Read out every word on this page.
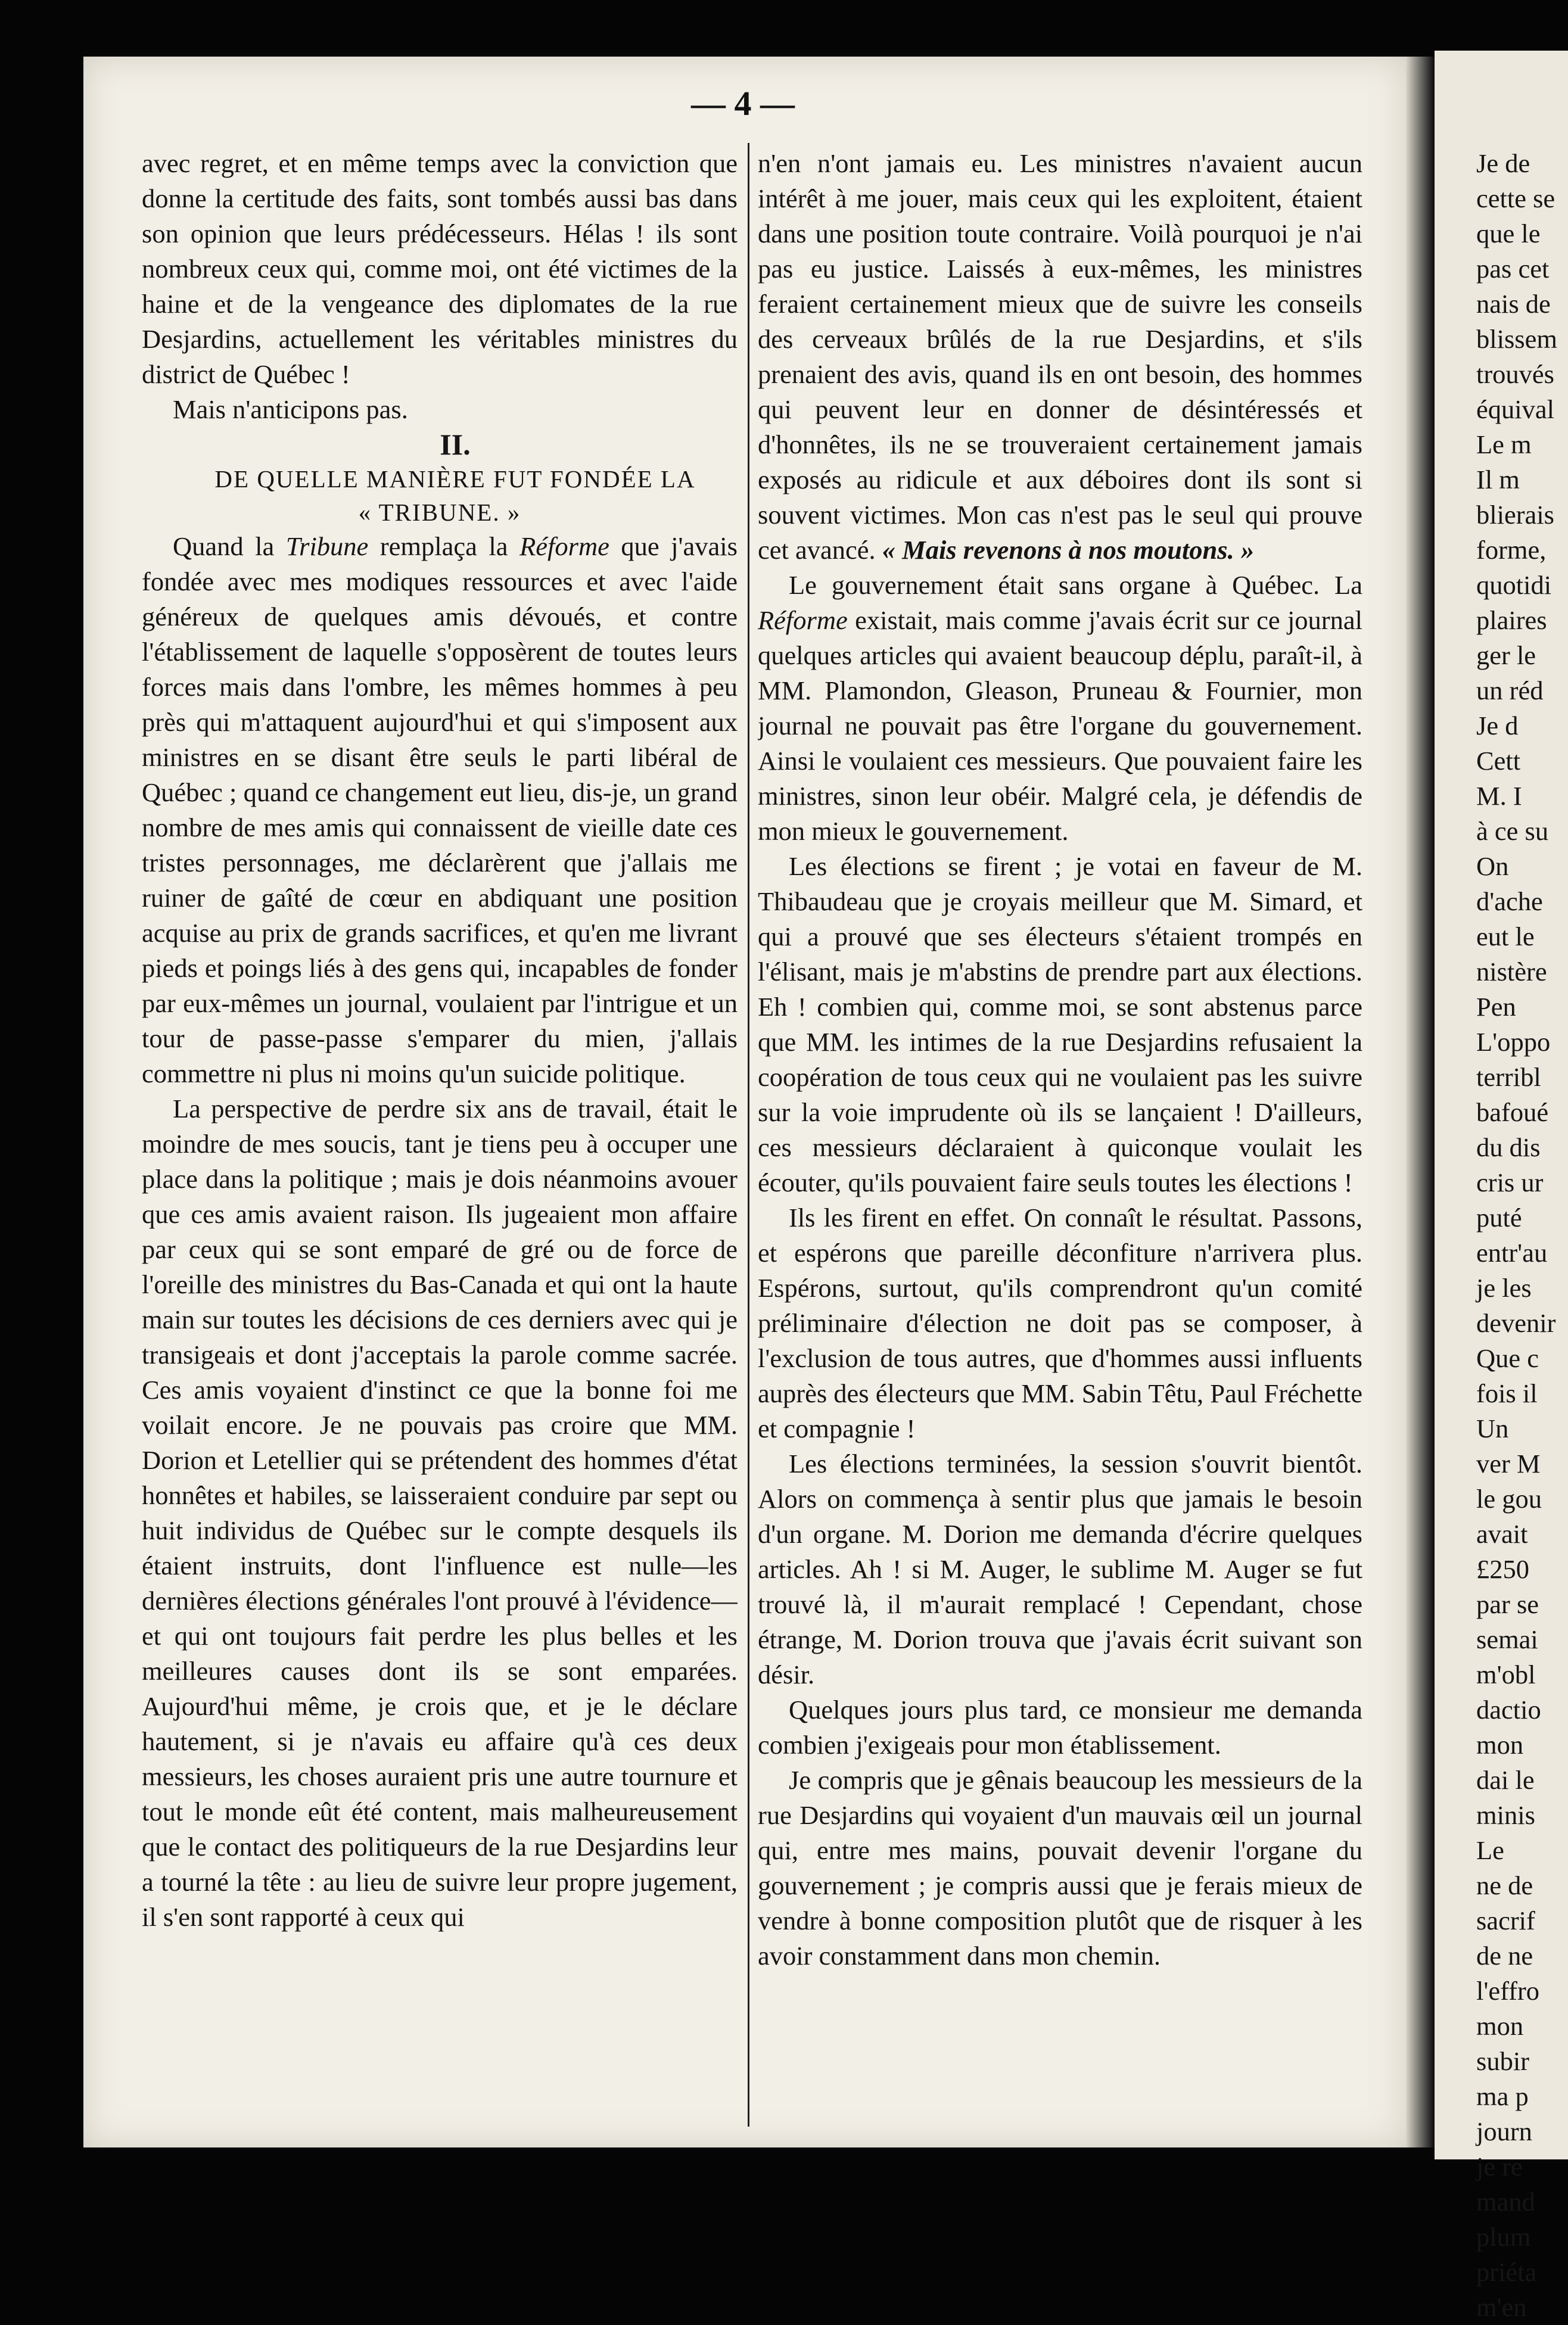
— 4 —

avec regret, et en même temps avec la conviction que donne la certitude des faits, sont tombés aussi bas dans son opinion que leurs prédécesseurs. Hélas ! ils sont nombreux ceux qui, comme moi, ont été victimes de la haine et de la vengeance des diplomates de la rue Desjardins, actuellement les véritables ministres du district de Québec !

Mais n'anticipons pas.

II.

DE QUELLE MANIÈRE FUT FONDÉE LA
« TRIBUNE. »

Quand la Tribune remplaça la Réforme que j'avais fondée avec mes modiques ressources et avec l'aide généreux de quelques amis dévoués, et contre l'établissement de laquelle s'opposèrent de toutes leurs forces mais dans l'ombre, les mêmes hommes à peu près qui m'attaquent aujourd'hui et qui s'imposent aux ministres en se disant être seuls le parti libéral de Québec ; quand ce changement eut lieu, dis-je, un grand nombre de mes amis qui connaissent de vieille date ces tristes personnages, me déclarèrent que j'allais me ruiner de gaîté de cœur en abdiquant une position acquise au prix de grands sacrifices, et qu'en me livrant pieds et poings liés à des gens qui, incapables de fonder par eux-mêmes un journal, voulaient par l'intrigue et un tour de passe-passe s'emparer du mien, j'allais commettre ni plus ni moins qu'un suicide politique.

La perspective de perdre six ans de travail, était le moindre de mes soucis, tant je tiens peu à occuper une place dans la politique ; mais je dois néanmoins avouer que ces amis avaient raison. Ils jugeaient mon affaire par ceux qui se sont emparé de gré ou de force de l'oreille des ministres du Bas-Canada et qui ont la haute main sur toutes les décisions de ces derniers avec qui je transigeais et dont j'acceptais la parole comme sacrée. Ces amis voyaient d'instinct ce que la bonne foi me voilait encore. Je ne pouvais pas croire que MM. Dorion et Letellier qui se prétendent des hommes d'état honnêtes et habiles, se laisseraient conduire par sept ou huit individus de Québec sur le compte desquels ils étaient instruits, dont l'influence est nulle—les dernières élections générales l'ont prouvé à l'évidence—et qui ont toujours fait perdre les plus belles et les meilleures causes dont ils se sont emparées. Aujourd'hui même, je crois que, et je le déclare hautement, si je n'avais eu affaire qu'à ces deux messieurs, les choses auraient pris une autre tournure et tout le monde eût été content, mais malheureusement que le contact des politiqueurs de la rue Desjardins leur a tourné la tête : au lieu de suivre leur propre jugement, il s'en sont rapporté à ceux qui

n'en n'ont jamais eu. Les ministres n'avaient aucun intérêt à me jouer, mais ceux qui les exploitent, étaient dans une position toute contraire. Voilà pourquoi je n'ai pas eu justice. Laissés à eux-mêmes, les ministres feraient certainement mieux que de suivre les conseils des cerveaux brûlés de la rue Desjardins, et s'ils prenaient des avis, quand ils en ont besoin, des hommes qui peuvent leur en donner de désintéressés et d'honnêtes, ils ne se trouveraient certainement jamais exposés au ridicule et aux déboires dont ils sont si souvent victimes. Mon cas n'est pas le seul qui prouve cet avancé. « Mais revenons à nos moutons. »

Le gouvernement était sans organe à Québec. La Réforme existait, mais comme j'avais écrit sur ce journal quelques articles qui avaient beaucoup déplu, paraît-il, à MM. Plamondon, Gleason, Pruneau & Fournier, mon journal ne pouvait pas être l'organe du gouvernement. Ainsi le voulaient ces messieurs. Que pouvaient faire les ministres, sinon leur obéir. Malgré cela, je défendis de mon mieux le gouvernement.

Les élections se firent ; je votai en faveur de M. Thibaudeau que je croyais meilleur que M. Simard, et qui a prouvé que ses électeurs s'étaient trompés en l'élisant, mais je m'abstins de prendre part aux élections. Eh ! combien qui, comme moi, se sont abstenus parce que MM. les intimes de la rue Desjardins refusaient la coopération de tous ceux qui ne voulaient pas les suivre sur la voie imprudente où ils se lançaient ! D'ailleurs, ces messieurs déclaraient à quiconque voulait les écouter, qu'ils pouvaient faire seuls toutes les élections !

Ils les firent en effet. On connaît le résultat. Passons, et espérons que pareille déconfiture n'arrivera plus. Espérons, surtout, qu'ils comprendront qu'un comité préliminaire d'élection ne doit pas se composer, à l'exclusion de tous autres, que d'hommes aussi influents auprès des électeurs que MM. Sabin Têtu, Paul Fréchette et compagnie !

Les élections terminées, la session s'ouvrit bientôt. Alors on commença à sentir plus que jamais le besoin d'un organe. M. Dorion me demanda d'écrire quelques articles. Ah ! si M. Auger, le sublime M. Auger se fut trouvé là, il m'aurait remplacé ! Cependant, chose étrange, M. Dorion trouva que j'avais écrit suivant son désir.

Quelques jours plus tard, ce monsieur me demanda combien j'exigeais pour mon établissement.

Je compris que je gênais beaucoup les messieurs de la rue Desjardins qui voyaient d'un mauvais œil un journal qui, entre mes mains, pouvait devenir l'organe du gouvernement ; je compris aussi que je ferais mieux de vendre à bonne composition plutôt que de risquer à les avoir constamment dans mon chemin.

Je de
cette se
que le
pas cet
nais de
blissem
trouvés
équival
Le m
Il m
blierais
forme,
quotidi
plaires
ger le
un réd
Je d
Cett
M. I
à ce su
On
d'ache
eut le
nistère
Pen
L'oppo
terribl
bafoué
du dis
cris ur
puté
entr'au
je les
devenir
Que c
fois il
Un
ver M
le gou
avait
£250
par se
semai
m'obl
dactio
mon
dai le
minis
Le
ne de
sacrif
de ne
l'effro
mon
subir
ma p
journ
je re
mand
plum
priéta
m'en
